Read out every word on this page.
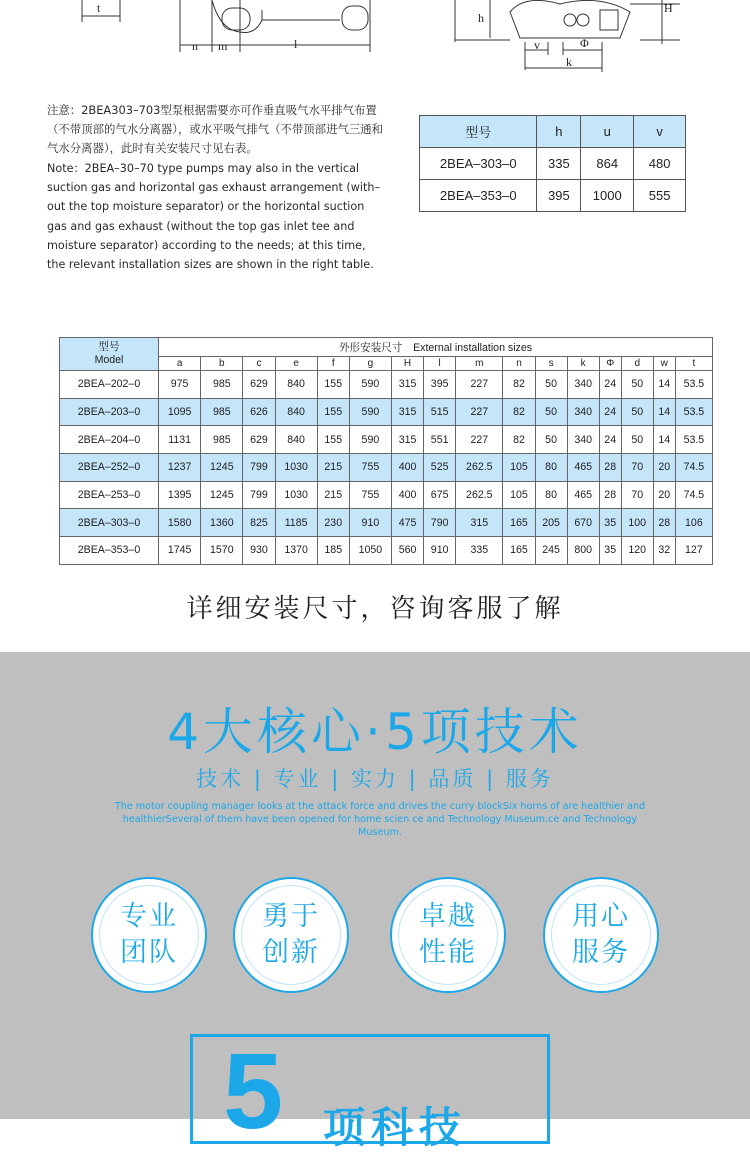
t
n m	l
h
v	Φ
k
H

注意：2BEA303–703型泵根据需要亦可作垂直吸气水平排气布置（不带顶部的气水分离器），或水平吸气排气（不带顶部进气三通和气水分离器），此时有关安装尺寸见右表。

Note：2BEA–30–70 type pumps may also in the vertical suction gas and horizontal gas exhaust arrangement (with–out the top moisture separator) or the horizontal suction gas and gas exhaust (without the top gas inlet tee and moisture separator) according to the needs; at this time, the relevant installation sizes are shown in the right table.

型号	h	u	v
2BEA–303–0	335	864	480
2BEA–353–0	395	1000	555
型号
Model	外形安装尺寸　External installation sizes															
	a	b	c	e	f	g	H	l	m	n	s	k	Φ	d	w	t
2BEA–202–0	975	985	629	840	155	590	315	395	227	82	50	340	24	50	14	53.5
2BEA–203–0	1095	985	626	840	155	590	315	515	227	82	50	340	24	50	14	53.5
2BEA–204–0	1131	985	629	840	155	590	315	551	227	82	50	340	24	50	14	53.5
2BEA–252–0	1237	1245	799	1030	215	755	400	525	262.5	105	80	465	28	70	20	74.5
2BEA–253–0	1395	1245	799	1030	215	755	400	675	262.5	105	80	465	28	70	20	74.5
2BEA–303–0	1580	1360	825	1185	230	910	475	790	315	165	205	670	35	100	28	106
2BEA–353–0	1745	1570	930	1370	185	1050	560	910	335	165	245	800	35	120	32	127
详细安装尺寸，咨询客服了解
4大核心·5项技术
技术 | 专业 | 实力 | 品质 | 服务
The motor coupling manager looks at the attack force and drives the curry blockSix horns of are healthier and healthierSeveral of them have been opened for home scien ce and Technology Museum.ce and Technology Museum.
专业
团队
勇于
创新
卓越
性能
用心
服务
5 项科技
